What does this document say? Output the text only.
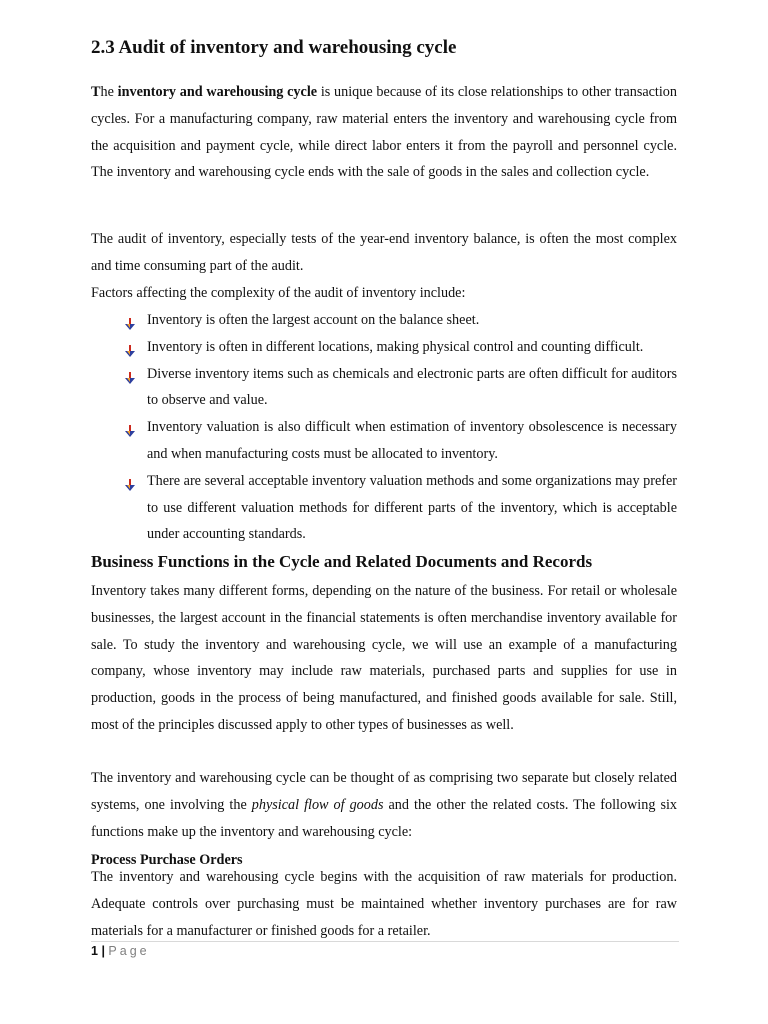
2.3 Audit of inventory and warehousing cycle

The inventory and warehousing cycle is unique because of its close relationships to other transaction cycles. For a manufacturing company, raw material enters the inventory and warehousing cycle from the acquisition and payment cycle, while direct labor enters it from the payroll and personnel cycle. The inventory and warehousing cycle ends with the sale of goods in the sales and collection cycle.

The audit of inventory, especially tests of the year-end inventory balance, is often the most complex and time consuming part of the audit.

Factors affecting the complexity of the audit of inventory include:

Inventory is often the largest account on the balance sheet.
Inventory is often in different locations, making physical control and counting difficult.
Diverse inventory items such as chemicals and electronic parts are often difficult for auditors to observe and value.
Inventory valuation is also difficult when estimation of inventory obsolescence is necessary and when manufacturing costs must be allocated to inventory.
There are several acceptable inventory valuation methods and some organizations may prefer to use different valuation methods for different parts of the inventory, which is acceptable under accounting standards.
Business Functions in the Cycle and Related Documents and Records

Inventory takes many different forms, depending on the nature of the business. For retail or wholesale businesses, the largest account in the financial statements is often merchandise inventory available for sale. To study the inventory and warehousing cycle, we will use an example of a manufacturing company, whose inventory may include raw materials, purchased parts and supplies for use in production, goods in the process of being manufactured, and finished goods available for sale. Still, most of the principles discussed apply to other types of businesses as well.

The inventory and warehousing cycle can be thought of as comprising two separate but closely related systems, one involving the physical flow of goods and the other the related costs. The following six functions make up the inventory and warehousing cycle:

Process Purchase Orders

The inventory and warehousing cycle begins with the acquisition of raw materials for production. Adequate controls over purchasing must be maintained whether inventory purchases are for raw materials for a manufacturer or finished goods for a retailer.

1 | Page
